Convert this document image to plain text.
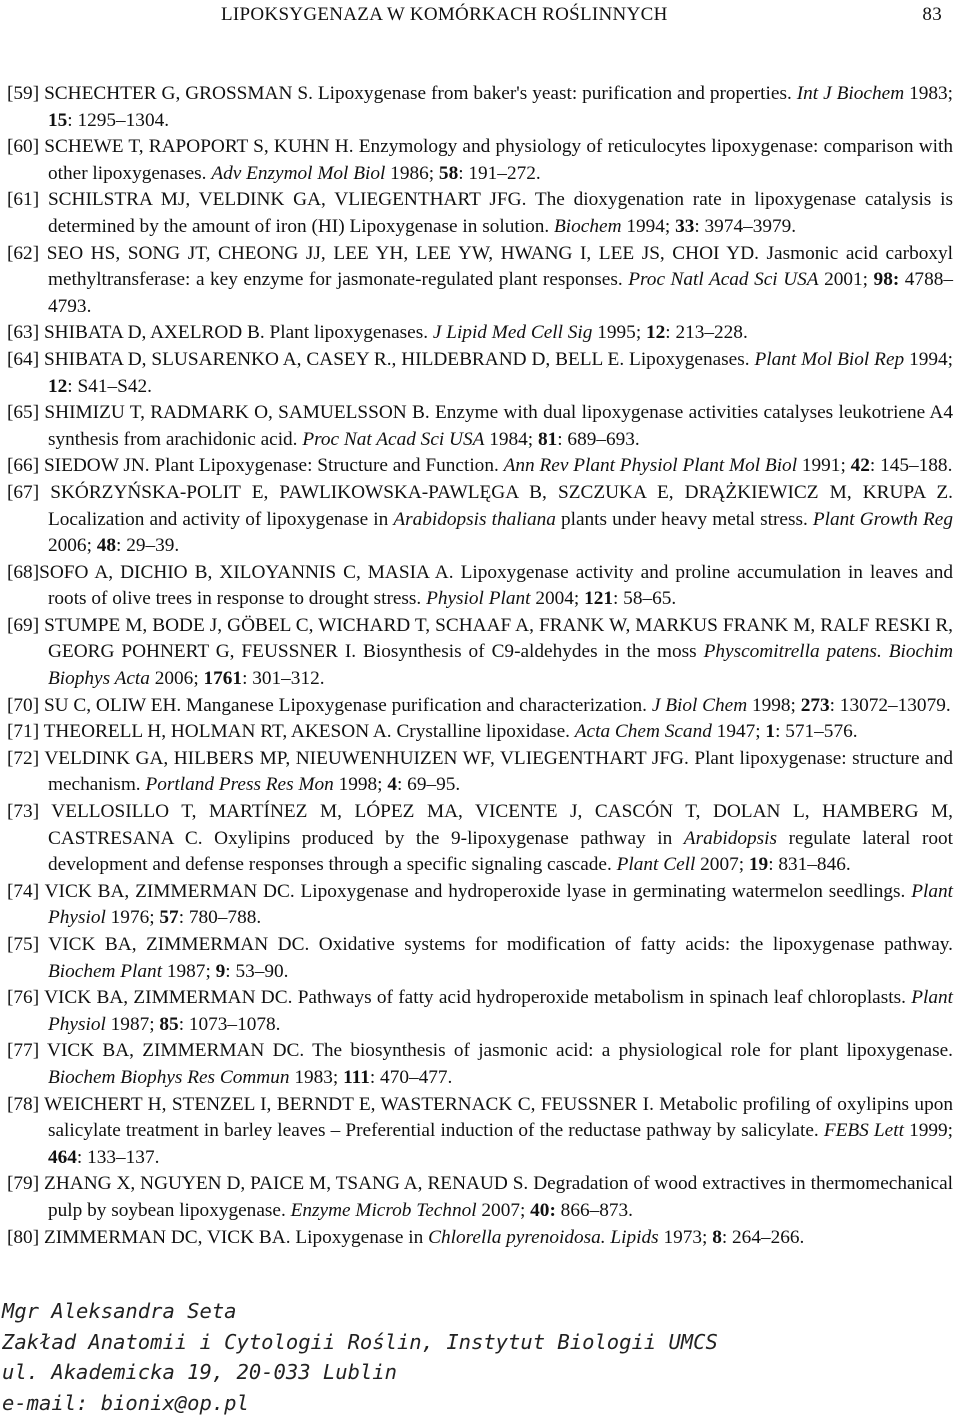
LIPOKSYGENAZA W KOMÓRKACH ROŚLINNYCH	83

[59] SCHECHTER G, GROSSMAN S. Lipoxygenase from baker's yeast: purification and properties. Int J Biochem 1983; 15: 1295–1304.

[60] SCHEWE T, RAPOPORT S, KUHN H. Enzymology and physiology of reticulocytes lipoxygenase: comparison with other lipoxygenases. Adv Enzymol Mol Biol 1986; 58: 191–272.

[61] SCHILSTRA MJ, VELDINK GA, VLIEGENTHART JFG. The dioxygenation rate in lipoxygenase catalysis is determined by the amount of iron (HI) Lipoxygenase in solution. Biochem 1994; 33: 3974–3979.

[62] SEO HS, SONG JT, CHEONG JJ, LEE YH, LEE YW, HWANG I, LEE JS, CHOI YD. Jasmonic acid carboxyl methyltransferase: a key enzyme for jasmonate-regulated plant responses. Proc Natl Acad Sci USA 2001; 98: 4788–4793.

[63] SHIBATA D, AXELROD B. Plant lipoxygenases. J Lipid Med Cell Sig 1995; 12: 213–228.

[64] SHIBATA D, SLUSARENKO A, CASEY R., HILDEBRAND D, BELL E. Lipoxygenases. Plant Mol Biol Rep 1994; 12: S41–S42.

[65] SHIMIZU T, RADMARK O, SAMUELSSON B. Enzyme with dual lipoxygenase activities catalyses leukotriene A4 synthesis from arachidonic acid. Proc Nat Acad Sci USA 1984; 81: 689–693.

[66] SIEDOW JN. Plant Lipoxygenase: Structure and Function. Ann Rev Plant Physiol Plant Mol Biol 1991; 42: 145–188.

[67] SKÓRZYŃSKA-POLIT E, PAWLIKOWSKA-PAWLĘGA B, SZCZUKA E, DRĄŻKIEWICZ M, KRUPA Z. Localization and activity of lipoxygenase in Arabidopsis thaliana plants under heavy metal stress. Plant Growth Reg 2006; 48: 29–39.

[68]SOFO A, DICHIO B, XILOYANNIS C, MASIA A. Lipoxygenase activity and proline accumulation in leaves and roots of olive trees in response to drought stress. Physiol Plant 2004; 121: 58–65.

[69] STUMPE M, BODE J, GÖBEL C, WICHARD T, SCHAAF A, FRANK W, MARKUS FRANK M, RALF RESKI R, GEORG POHNERT G, FEUSSNER I. Biosynthesis of C9-aldehydes in the moss Physcomitrella patens. Biochim Biophys Acta 2006; 1761: 301–312.

[70] SU C, OLIW EH. Manganese Lipoxygenase purification and characterization. J Biol Chem 1998; 273: 13072–13079.

[71] THEORELL H, HOLMAN RT, AKESON A. Crystalline lipoxidase. Acta Chem Scand 1947; 1: 571–576.

[72] VELDINK GA, HILBERS MP, NIEUWENHUIZEN WF, VLIEGENTHART JFG. Plant lipoxygenase: structure and mechanism. Portland Press Res Mon 1998; 4: 69–95.

[73] VELLOSILLO T, MARTÍNEZ M, LÓPEZ MA, VICENTE J, CASCÓN T, DOLAN L, HAMBERG M, CASTRESANA C. Oxylipins produced by the 9-lipoxygenase pathway in Arabidopsis regulate lateral root development and defense responses through a specific signaling cascade. Plant Cell 2007; 19: 831–846.

[74] VICK BA, ZIMMERMAN DC. Lipoxygenase and hydroperoxide lyase in germinating watermelon seedlings. Plant Physiol 1976; 57: 780–788.

[75] VICK BA, ZIMMERMAN DC. Oxidative systems for modification of fatty acids: the lipoxygenase pathway. Biochem Plant 1987; 9: 53–90.

[76] VICK BA, ZIMMERMAN DC. Pathways of fatty acid hydroperoxide metabolism in spinach leaf chloroplasts. Plant Physiol 1987; 85: 1073–1078.

[77] VICK BA, ZIMMERMAN DC. The biosynthesis of jasmonic acid: a physiological role for plant lipoxygenase. Biochem Biophys Res Commun 1983; 111: 470–477.

[78] WEICHERT H, STENZEL I, BERNDT E, WASTERNACK C, FEUSSNER I. Metabolic profiling of oxylipins upon salicylate treatment in barley leaves – Preferential induction of the reductase pathway by salicylate. FEBS Lett 1999; 464: 133–137.

[79] ZHANG X, NGUYEN D, PAICE M, TSANG A, RENAUD S. Degradation of wood extractives in thermomechanical pulp by soybean lipoxygenase. Enzyme Microb Technol 2007; 40: 866–873.

[80] ZIMMERMAN DC, VICK BA. Lipoxygenase in Chlorella pyrenoidosa. Lipids 1973; 8: 264–266.

Mgr Aleksandra Seta
Zakład Anatomii i Cytologii Roślin, Instytut Biologii UMCS
ul. Akademicka 19, 20-033 Lublin
e-mail: bionix@op.pl
